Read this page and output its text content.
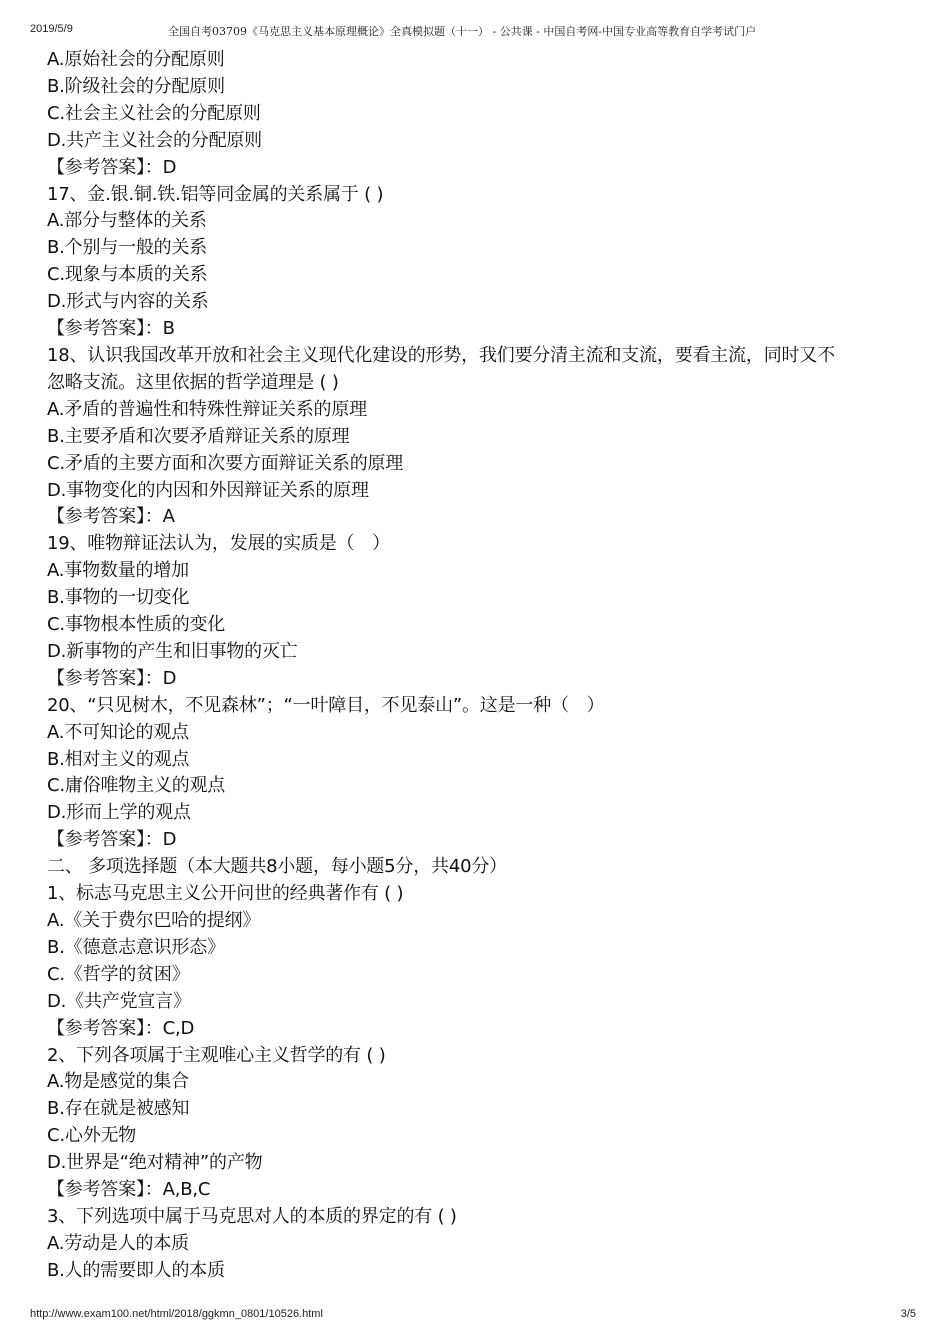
2019/5/9	全国自考03709《马克思主义基本原理概论》全真模拟题（十一） - 公共课 - 中国自考网-中国专业高等教育自学考试门户
A.原始社会的分配原则
B.阶级社会的分配原则
C.社会主义社会的分配原则
D.共产主义社会的分配原则
【参考答案】：D
17、金.银.铜.铁.铝等同金属的关系属于 ( )
A.部分与整体的关系
B.个别与一般的关系
C.现象与本质的关系
D.形式与内容的关系
【参考答案】：B
18、认识我国改革开放和社会主义现代化建设的形势，我们要分清主流和支流，要看主流，同时又不
忽略支流。这里依据的哲学道理是 ( )
A.矛盾的普遍性和特殊性辩证关系的原理
B.主要矛盾和次要矛盾辩证关系的原理
C.矛盾的主要方面和次要方面辩证关系的原理
D.事物变化的内因和外因辩证关系的原理
【参考答案】：A
19、唯物辩证法认为，发展的实质是（　）
A.事物数量的增加
B.事物的一切变化
C.事物根本性质的变化
D.新事物的产生和旧事物的灭亡
【参考答案】：D
20、“只见树木，不见森林”；“一叶障目，不见泰山”。这是一种（　）
A.不可知论的观点
B.相对主义的观点
C.庸俗唯物主义的观点
D.形而上学的观点
【参考答案】：D
二、 多项选择题（本大题共8小题，每小题5分，共40分）
1、标志马克思主义公开问世的经典著作有 ( )
A.《关于费尔巴哈的提纲》
B.《德意志意识形态》
C.《哲学的贫困》
D.《共产党宣言》
【参考答案】：C,D
2、下列各项属于主观唯心主义哲学的有 ( )
A.物是感觉的集合
B.存在就是被感知
C.心外无物
D.世界是“绝对精神”的产物
【参考答案】：A,B,C
3、下列选项中属于马克思对人的本质的界定的有 ( )
A.劳动是人的本质
B.人的需要即人的本质
http://www.exam100.net/html/2018/ggkmn_0801/10526.html	3/5
